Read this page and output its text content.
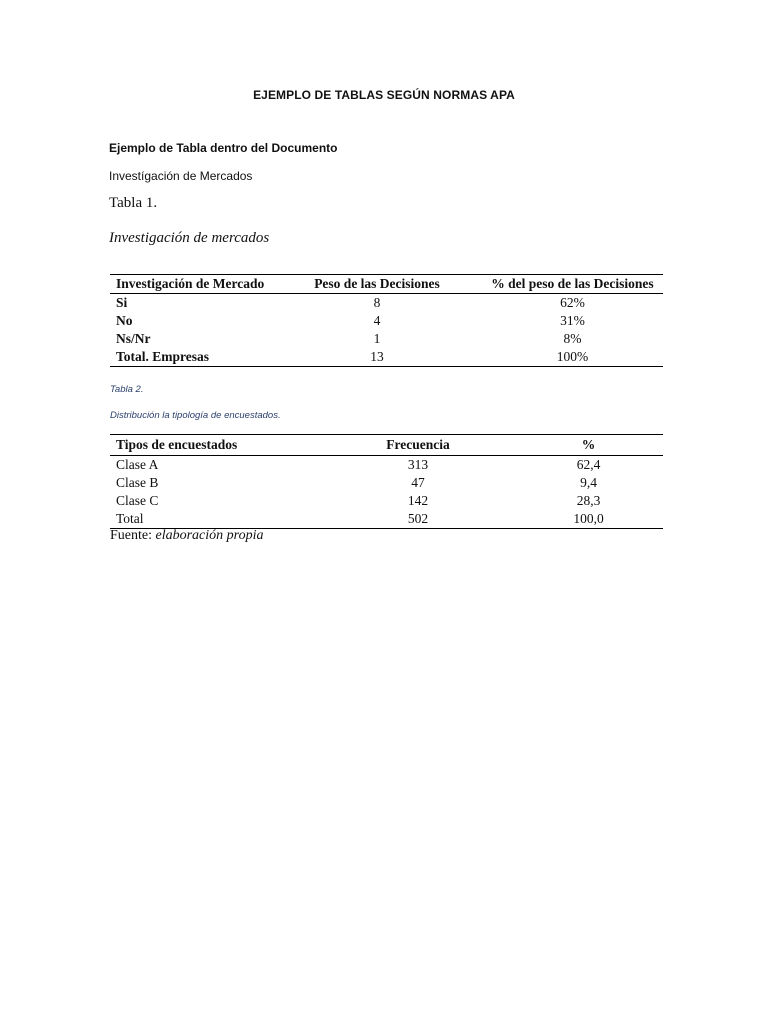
EJEMPLO DE TABLAS SEGÚN NORMAS APA
Ejemplo de Tabla dentro del Documento
Investígación de Mercados
Tabla 1.
Investigación de mercados
Investigación de Mercado	Peso de las Decisiones	% del peso de las Decisiones
Si	8	62%
No	4	31%
Ns/Nr	1	8%
Total. Empresas	13	100%
Tabla 2.
Distribución la tipología de encuestados.
Tipos de encuestados	Frecuencia	%
Clase A	313	62,4
Clase B	47	9,4
Clase C	142	28,3
Total	502	100,0
Fuente: elaboración propia
